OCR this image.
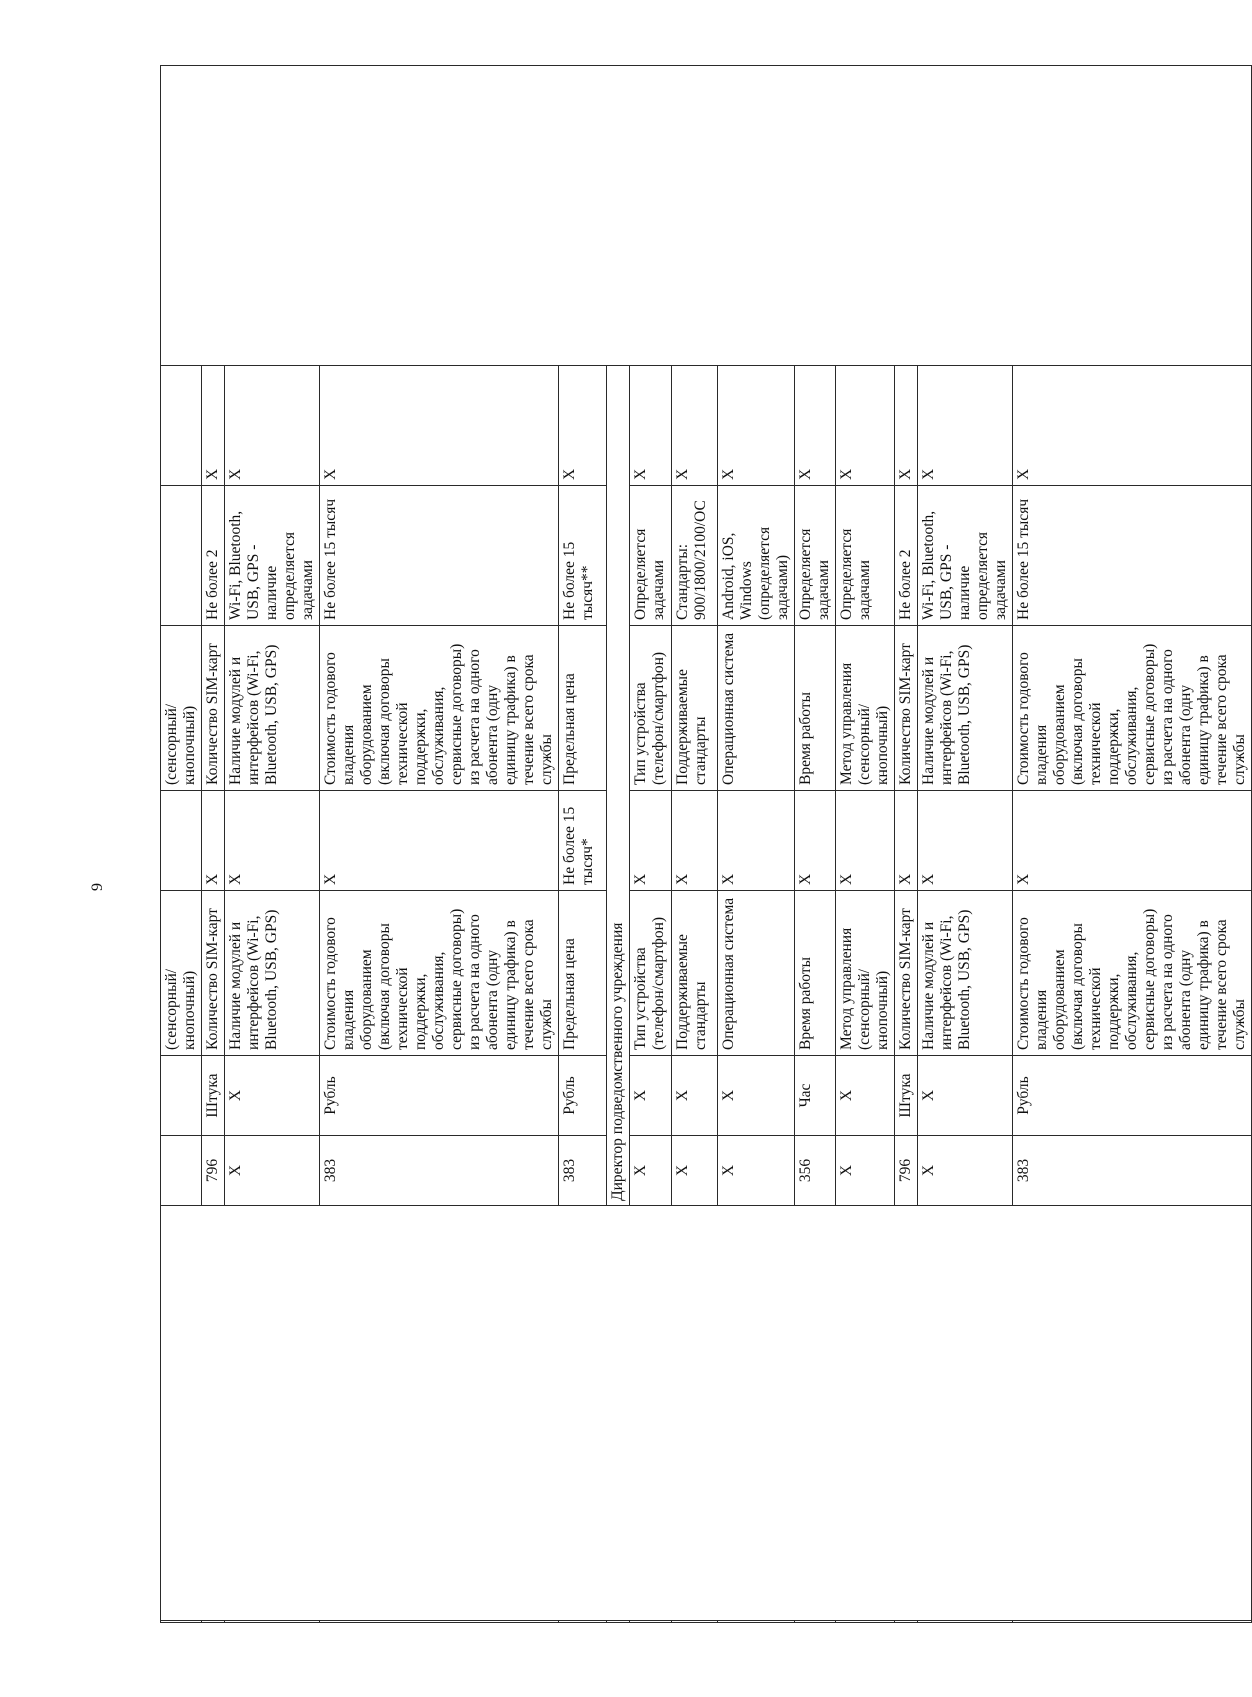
9
				(сенсорный/кнопочный)		(сенсорный/кнопочный)			
		796	Штука	Количество SIM-карт	X	Количество SIM-карт	Не более 2	X	
		X	X	Наличие модулей и интерфейсов (Wi-Fi, Bluetooth, USB, GPS)	X	Наличие модулей и интерфейсов (Wi-Fi, Bluetooth, USB, GPS)	Wi-Fi, Bluetooth, USB, GPS - наличие определяется задачами	X	
		383	Рубль	Стоимость годового владения оборудованием (включая договоры технической поддержки, обслуживания, сервисные договоры) из расчета на одного абонента (одну единицу трафика) в течение всего срока службы	X	Стоимость годового владения оборудованием (включая договоры технической поддержки, обслуживания, сервисные договоры) из расчета на одного абонента (одну единицу трафика) в течение всего срока службы	Не более 15 тысяч	X	
		383	Рубль	Предельная цена	Не более 15 тысяч*	Предельная цена	Не более 15 тысяч**	X	
		Директор подведомственного учреждения							
		X	X	Тип устройства (телефон/смартфон)	X	Тип устройства (телефон/смартфон)	Определяется задачами	X	
		X	X	Поддерживаемые стандарты	X	Поддерживаемые стандарты	Стандарты: 900/1800/2100/ОС	X	
		X	X	Операционная система	X	Операционная система	Android, iOS, Windows (определяется задачами)	X	
		356	Час	Время работы	X	Время работы	Определяется задачами	X	
		X	X	Метод управления (сенсорный/кнопочный)	X	Метод управления (сенсорный/кнопочный)	Определяется задачами	X	
		796	Штука	Количество SIM-карт	X	Количество SIM-карт	Не более 2	X	
		X	X	Наличие модулей и интерфейсов (Wi-Fi, Bluetooth, USB, GPS)	X	Наличие модулей и интерфейсов (Wi-Fi, Bluetooth, USB, GPS)	Wi-Fi, Bluetooth, USB, GPS - наличие определяется задачами	X	
		383	Рубль	Стоимость годового владения оборудованием (включая договоры технической поддержки, обслуживания, сервисные договоры) из расчета на одного абонента (одну единицу трафика) в течение всего срока службы	X	Стоимость годового владения оборудованием (включая договоры технической поддержки, обслуживания, сервисные договоры) из расчета на одного абонента (одну единицу трафика) в течение всего срока службы	Не более 15 тысяч	X	
